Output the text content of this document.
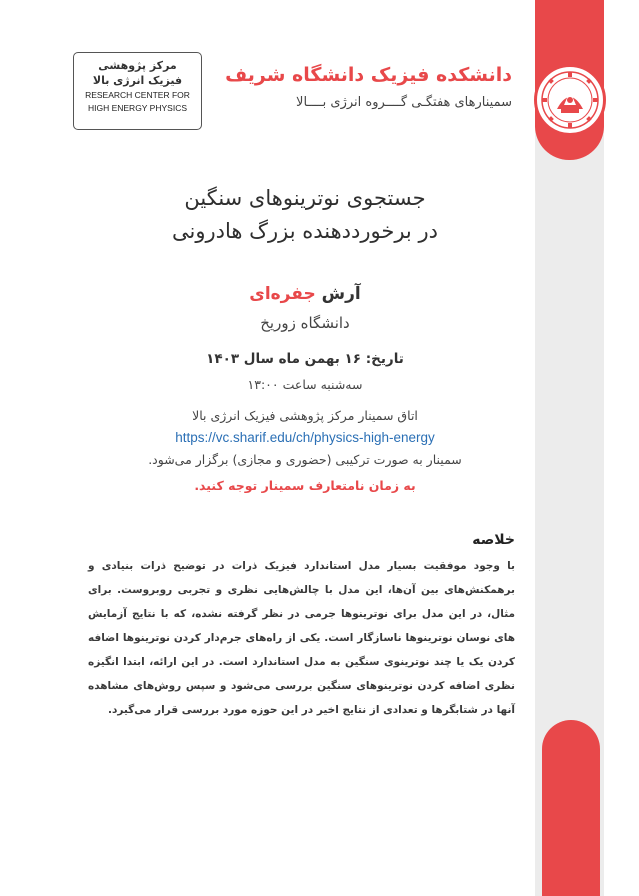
مرکز پژوهشی
فیزیک انرژی بالا
RESEARCH CENTER FOR
HIGH ENERGY PHYSICS
دانشکده فیزیک دانشگاه شریف
سمینارهای هفتگـی گــــروه انرژی بــــالا
جستجوی نوترینوهای سنگین
در برخورددهنده بزرگ هادرونی
آرش جفره‌ای
دانشگاه زوریخ
تاریخ: ۱۶ بهمن ماه سال ۱۴۰۳
سه‌شنبه ساعت ۱۳:۰۰
اتاق سمینار مرکز پژوهشی فیزیک انرژی بالا
https://vc.sharif.edu/ch/physics-high-energy
سمینار به صورت ترکیبی (حضوری و مجازی) برگزار می‌شود.
به زمان نامتعارف سمینار توجه کنید.
خلاصه
با وجود موفقیت بسیار مدل استاندارد فیزیک ذرات در توضیح ذرات بنیادی و برهمکنش‌های بین آن‌ها، این مدل با چالش‌هایی نظری و تجربی روبروست. برای مثال، در این مدل برای نوترینوها جرمی در نظر گرفته نشده، که با نتایج آزمایش های نوسان نوترینوها ناسازگار است. یکی از راه‌های جرم‌دار کردن نوترینوها اضافه کردن یک یا چند نوترینوی سنگین به مدل استاندارد است. در این ارائه، ابتدا انگیزه نظری اضافه کردن نوترینوهای سنگین بررسی می‌شود و سپس روش‌های مشاهده آنها در شتابگرها و تعدادی از نتایج اخیر در این حوزه مورد بررسی قرار می‌گیرد.
